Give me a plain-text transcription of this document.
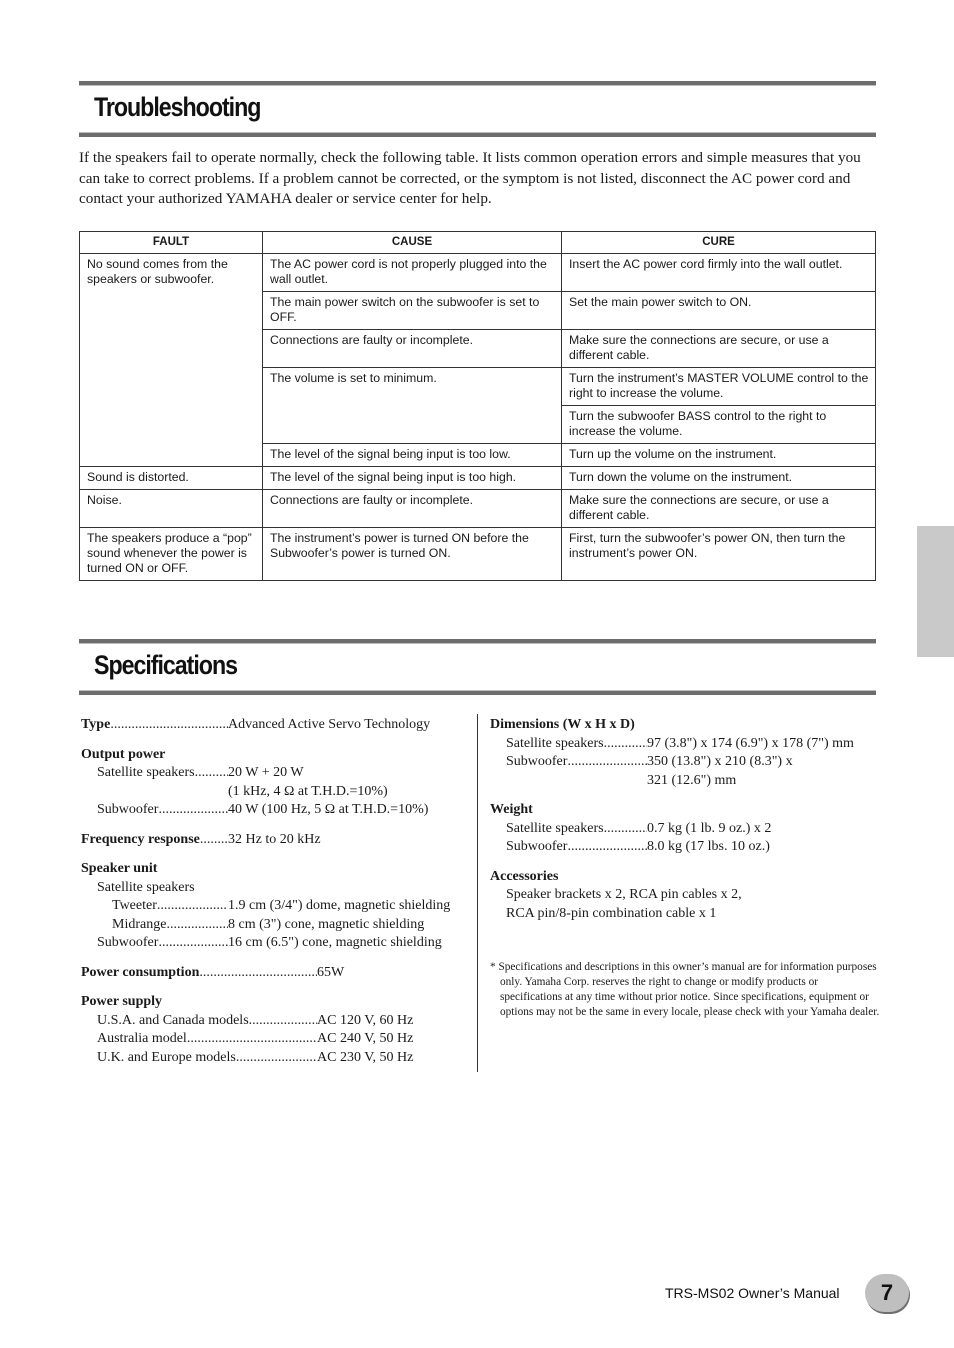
Troubleshooting

If the speakers fail to operate normally, check the following table. It lists common operation errors and simple measures that you can take to correct problems. If a problem cannot be corrected, or the symptom is not listed, disconnect the AC power cord and contact your authorized YAMAHA dealer or service center for help.

FAULT	CAUSE	CURE
No sound comes from the speakers or subwoofer.	The AC power cord is not properly plugged into the wall outlet.	Insert the AC power cord firmly into the wall outlet.
	The main power switch on the subwoofer is set to OFF.	Set the main power switch to ON.
	Connections are faulty or incomplete.	Make sure the connections are secure, or use a different cable.
	The volume is set to minimum.	Turn the instrument’s MASTER VOLUME control to the right to increase the volume.
		Turn the subwoofer BASS control to the right to increase the volume.
	The level of the signal being input is too low.	Turn up the volume on the instrument.
Sound is distorted.	The level of the signal being input is too high.	Turn down the volume on the instrument.
Noise.	Connections are faulty or incomplete.	Make sure the connections are secure, or use a different cable.
The speakers produce a “pop” sound whenever the power is turned ON or OFF.	The instrument’s power is turned ON before the Subwoofer’s power is turned ON.	First, turn the subwoofer’s power ON, then turn the instrument’s power ON.
Specifications
Type .....	Advanced Active Servo Technology
Output power
Satellite speakers ..... 20 W + 20 W
(1 kHz, 4 Ω at T.H.D.=10%)
Subwoofer .....	40 W (100 Hz, 5 Ω at T.H.D.=10%)
Frequency response ..... 32 Hz to 20 kHz
Speaker unit
Satellite speakers
Tweeter .....	1.9 cm (3/4") dome, magnetic shielding
Midrange .....	8 cm (3") cone, magnetic shielding
Subwoofer .....	16 cm (6.5") cone, magnetic shielding
Power consumption .....	65W
Power supply
U.S.A. and Canada models .....	AC 120 V, 60 Hz
Australia model .....	AC 240 V, 50 Hz
U.K. and Europe models .....	AC 230 V, 50 Hz
Dimensions (W x H x D)
Satellite speakers .....	97 (3.8") x 174 (6.9") x 178 (7") mm
Subwoofer .....	350 (13.8") x 210 (8.3") x
321 (12.6") mm
Weight
Satellite speakers .....	0.7 kg (1 lb. 9 oz.) x 2
Subwoofer .....	8.0 kg (17 lbs. 10 oz.)
Accessories
Speaker brackets x 2, RCA pin cables x 2,
RCA pin/8-pin combination cable x 1

* Specifications and descriptions in this owner’s manual are for information purposes only. Yamaha Corp. reserves the right to change or modify products or specifications at any time without prior notice. Since specifications, equipment or options may not be the same in every locale, please check with your Yamaha dealer.

TRS-MS02 Owner’s Manual	7
